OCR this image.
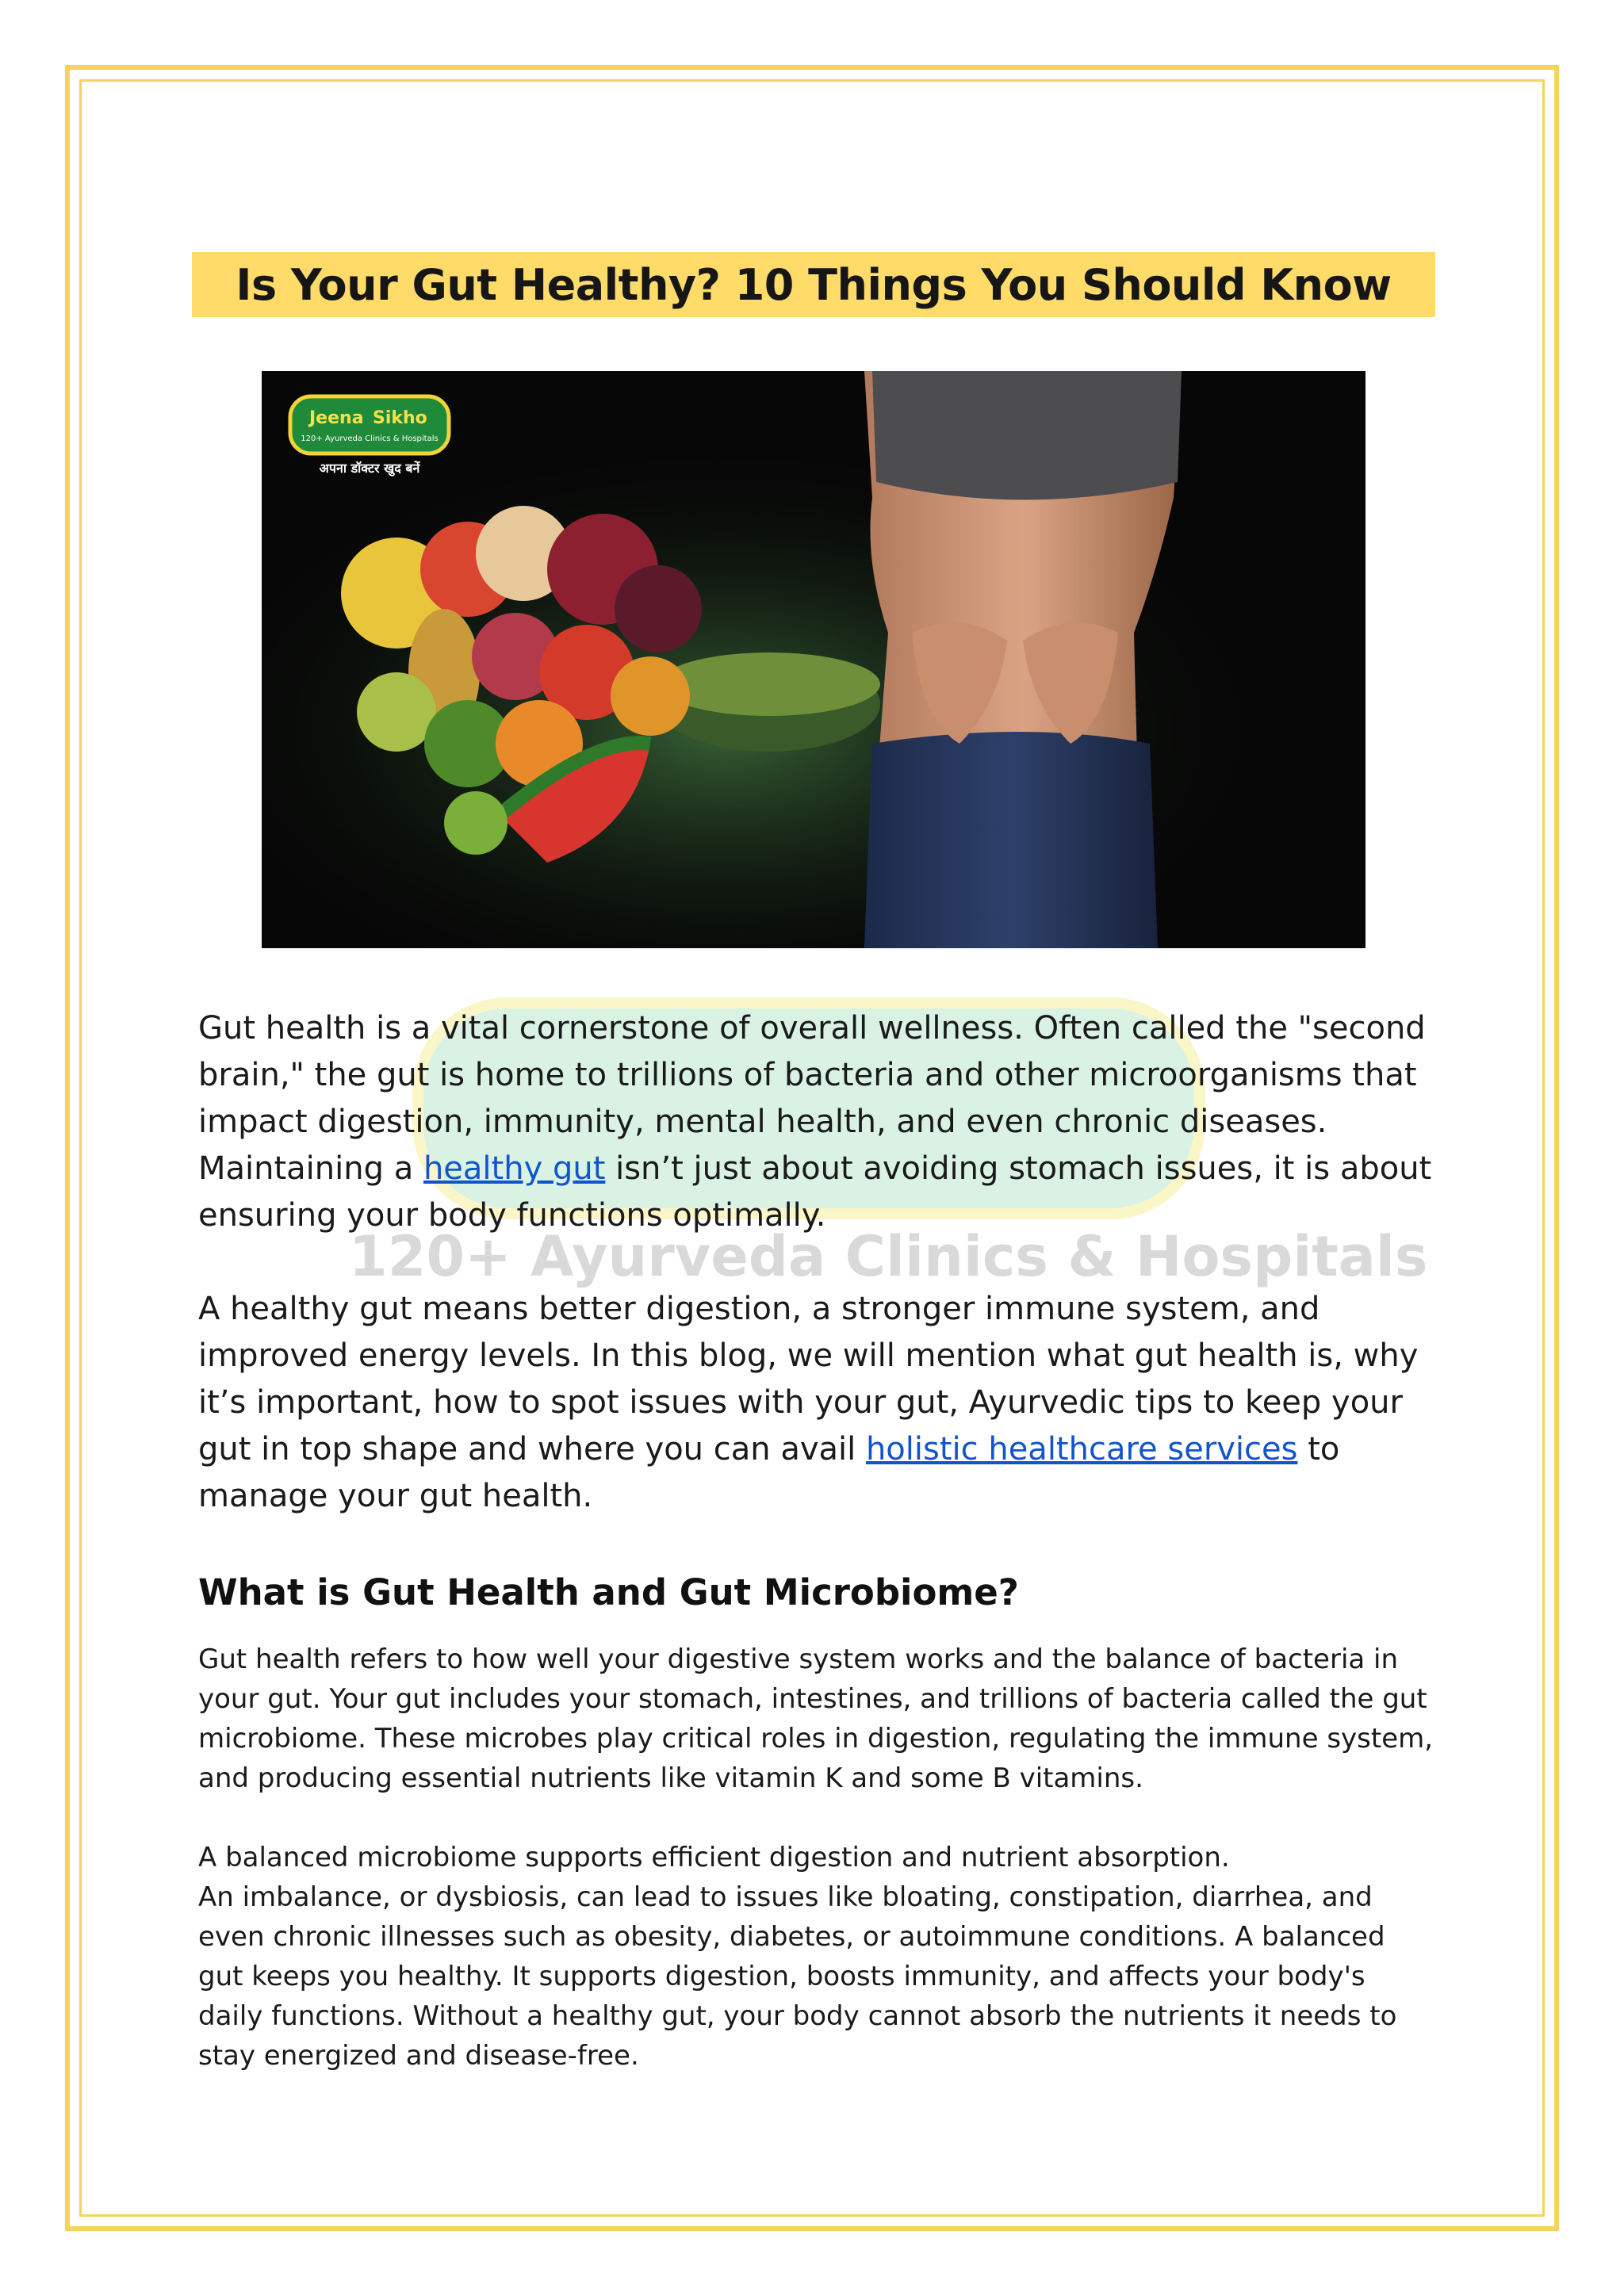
Is Your Gut Healthy? 10 Things You Should Know
Jeena Sikho
120+ Ayurveda Clinics & Hospitals
अपना डॉक्टर खुद बनें
120+ Ayurveda Clinics & Hospitals

Gut health is a vital cornerstone of overall wellness. Often called the "second brain," the gut is home to trillions of bacteria and other microorganisms that impact digestion, immunity, mental health, and even chronic diseases. Maintaining a healthy gut isn’t just about avoiding stomach issues, it is about ensuring your body functions optimally.

A healthy gut means better digestion, a stronger immune system, and improved energy levels. In this blog, we will mention what gut health is, why it’s important, how to spot issues with your gut, Ayurvedic tips to keep your gut in top shape and where you can avail holistic healthcare services to manage your gut health.

What is Gut Health and Gut Microbiome?

Gut health refers to how well your digestive system works and the balance of bacteria in your gut. Your gut includes your stomach, intestines, and trillions of bacteria called the gut microbiome. These microbes play critical roles in digestion, regulating the immune system, and producing essential nutrients like vitamin K and some B vitamins.

A balanced microbiome supports efficient digestion and nutrient absorption.

An imbalance, or dysbiosis, can lead to issues like bloating, constipation, diarrhea, and even chronic illnesses such as obesity, diabetes, or autoimmune conditions. A balanced gut keeps you healthy. It supports digestion, boosts immunity, and affects your body's daily functions. Without a healthy gut, your body cannot absorb the nutrients it needs to stay energized and disease-free.
